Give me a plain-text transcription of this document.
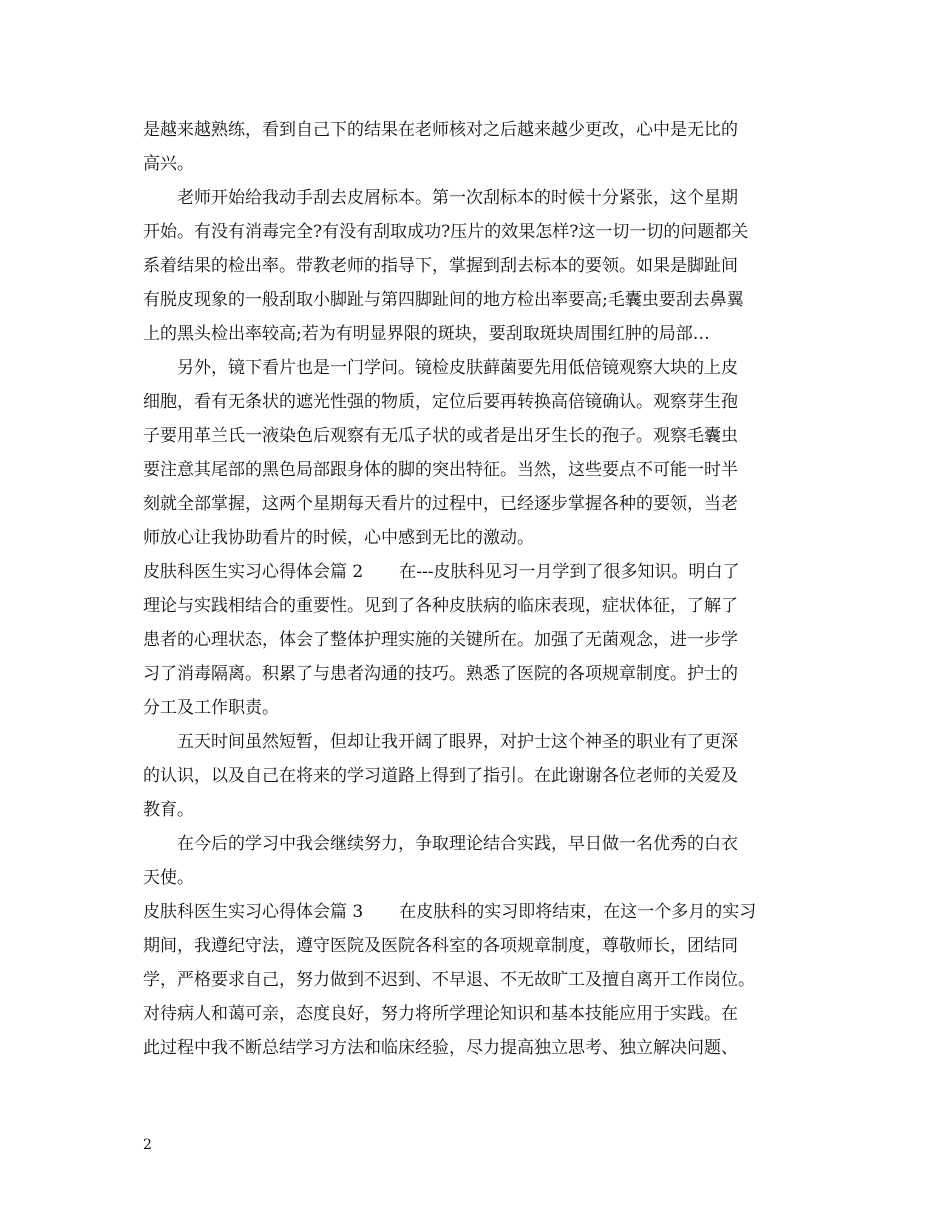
是越来越熟练，看到自己下的结果在老师核对之后越来越少更改，心中是无比的
高兴。
老师开始给我动手刮去皮屑标本。第一次刮标本的时候十分紧张，这个星期
开始。有没有消毒完全?有没有刮取成功?压片的效果怎样?这一切一切的问题都关
系着结果的检出率。带教老师的指导下，掌握到刮去标本的要领。如果是脚趾间
有脱皮现象的一般刮取小脚趾与第四脚趾间的地方检出率要高;毛囊虫要刮去鼻翼
上的黑头检出率较高;若为有明显界限的斑块，要刮取斑块周围红肿的局部…
另外，镜下看片也是一门学问。镜检皮肤藓菌要先用低倍镜观察大块的上皮
细胞，看有无条状的遮光性强的物质，定位后要再转换高倍镜确认。观察芽生孢
子要用革兰氏一液染色后观察有无瓜子状的或者是出牙生长的孢子。观察毛囊虫
要注意其尾部的黑色局部跟身体的脚的突出特征。当然，这些要点不可能一时半
刻就全部掌握，这两个星期每天看片的过程中，已经逐步掌握各种的要领，当老
师放心让我协助看片的时候，心中感到无比的激动。
皮肤科医生实习心得体会篇 2 在---皮肤科见习一月学到了很多知识。明白了
理论与实践相结合的重要性。见到了各种皮肤病的临床表现，症状体征，了解了
患者的心理状态，体会了整体护理实施的关键所在。加强了无菌观念，进一步学
习了消毒隔离。积累了与患者沟通的技巧。熟悉了医院的各项规章制度。护士的
分工及工作职责。
五天时间虽然短暂，但却让我开阔了眼界，对护士这个神圣的职业有了更深
的认识，以及自己在将来的学习道路上得到了指引。在此谢谢各位老师的关爱及
教育。
在今后的学习中我会继续努力，争取理论结合实践，早日做一名优秀的白衣
天使。
皮肤科医生实习心得体会篇 3 在皮肤科的实习即将结束，在这一个多月的实习
期间，我遵纪守法，遵守医院及医院各科室的各项规章制度，尊敬师长，团结同
学，严格要求自己，努力做到不迟到、不早退、不无故旷工及擅自离开工作岗位。
对待病人和蔼可亲，态度良好，努力将所学理论知识和基本技能应用于实践。在
此过程中我不断总结学习方法和临床经验，尽力提高独立思考、独立解决问题、
2
